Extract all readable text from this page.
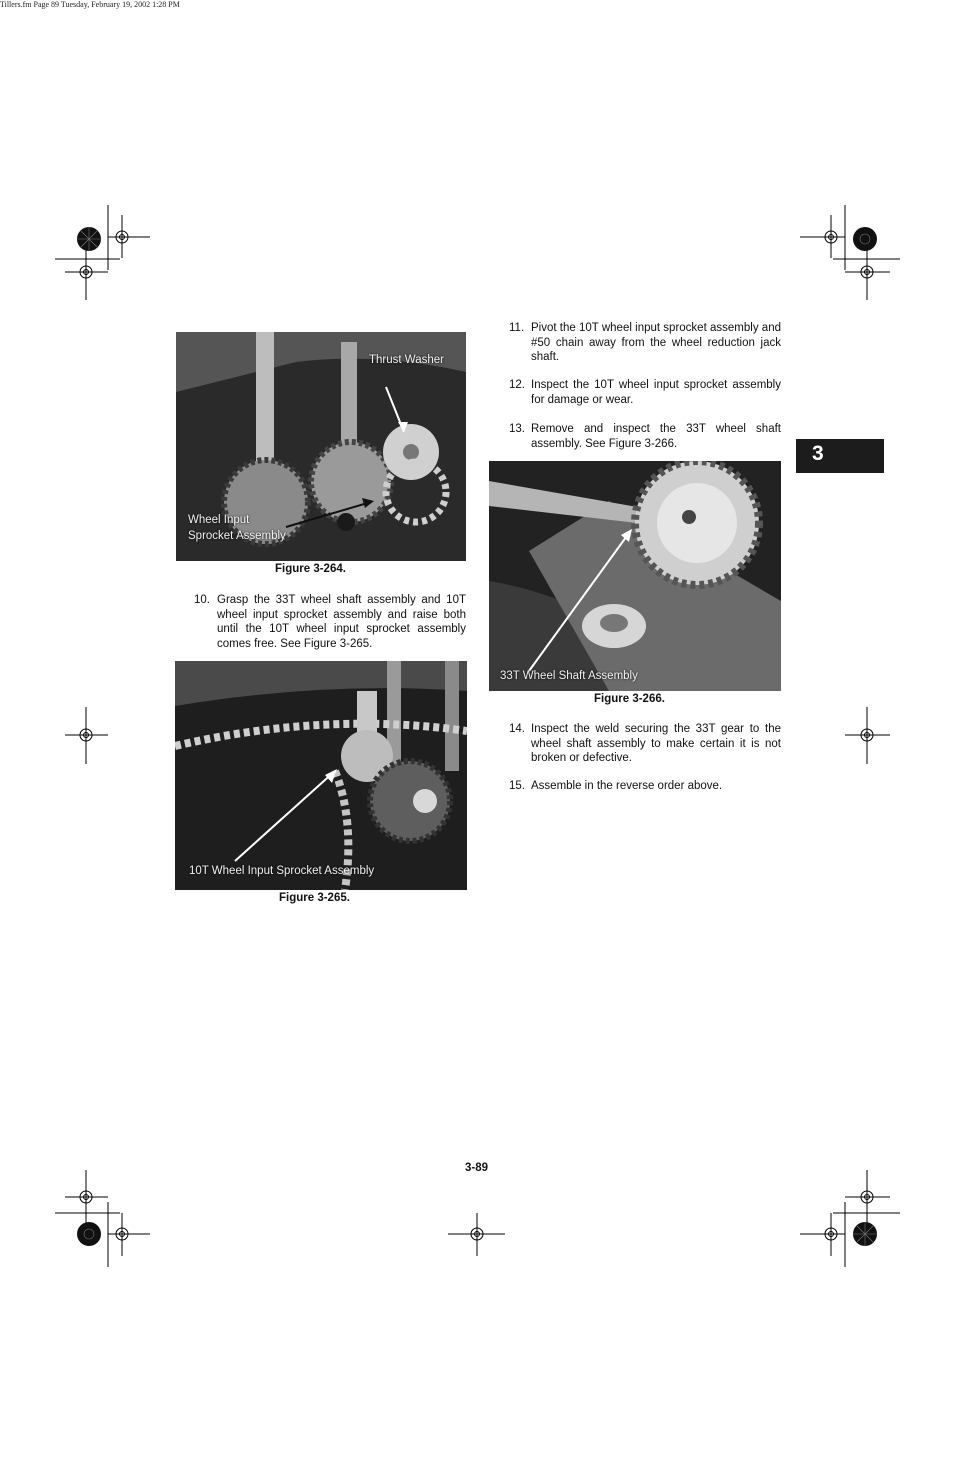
Tillers.fm Page 89 Tuesday, February 19, 2002 1:28 PM
Thrust Washer
Wheel Input
Sprocket Assembly
Figure 3-264.
10. Grasp the 33T wheel shaft assembly and 10T wheel input sprocket assembly and raise both until the 10T wheel input sprocket assembly comes free. See Figure 3-265.
10T Wheel Input Sprocket Assembly
Figure 3-265.
11. Pivot the 10T wheel input sprocket assembly and #50 chain away from the wheel reduction jack shaft.
12. Inspect the 10T wheel input sprocket assembly for damage or wear.
13. Remove and inspect the 33T wheel shaft assembly. See Figure 3-266.	3
33T Wheel Shaft Assembly
Figure 3-266.
14. Inspect the weld securing the 33T gear to the wheel shaft assembly to make certain it is not broken or defective.
15. Assemble in the reverse order above.
3-89
